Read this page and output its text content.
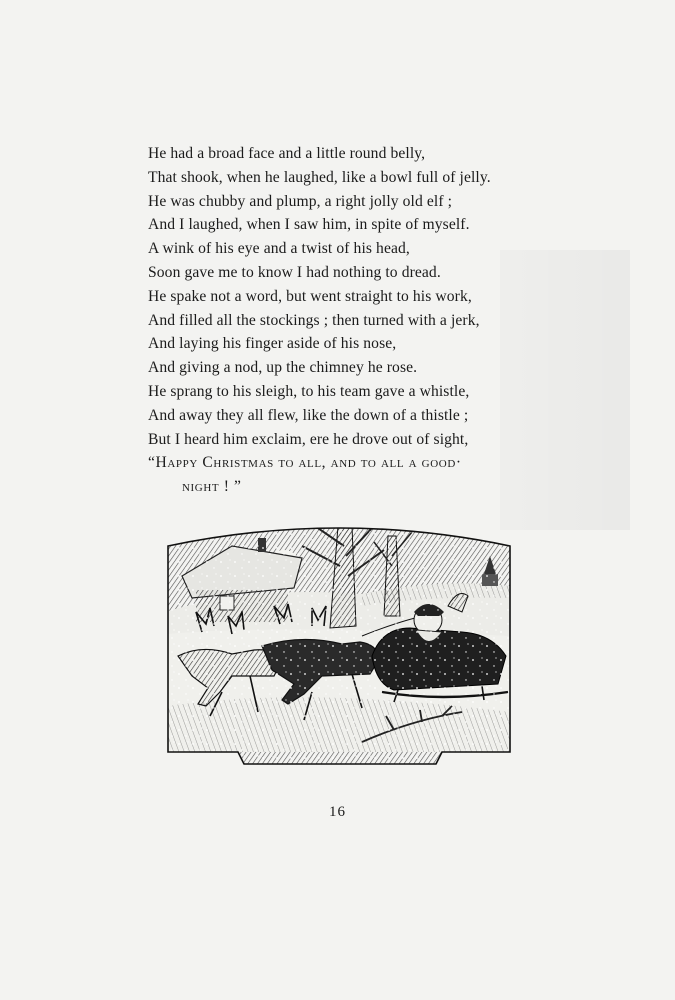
He had a broad face and a little round belly,
That shook, when he laughed, like a bowl full of jelly.
He was chubby and plump, a right jolly old elf ;
And I laughed, when I saw him, in spite of myself.
A wink of his eye and a twist of his head,
Soon gave me to know I had nothing to dread.
He spake not a word, but went straight to his work,
And filled all the stockings ; then turned with a jerk,
And laying his finger aside of his nose,
And giving a nod, up the chimney he rose.
He sprang to his sleigh, to his team gave a whistle,
And away they all flew, like the down of a thistle ;
But I heard him exclaim, ere he drove out of sight,
“Happy Christmas to all, and to all a good·
night ! ”
16
